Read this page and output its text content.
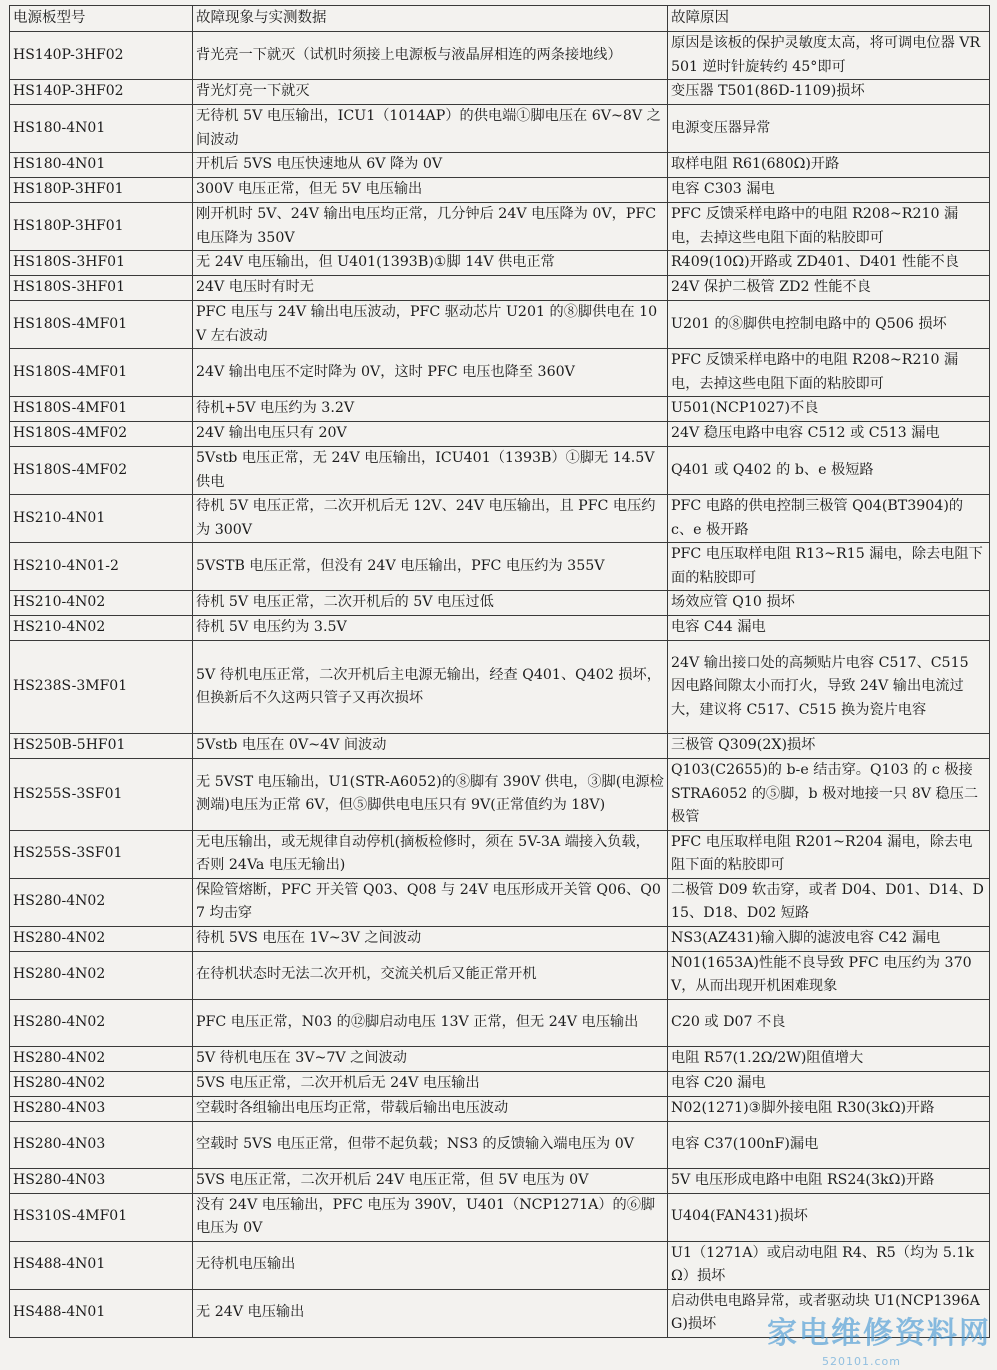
电源板型号	故障现象与实测数据	故障原因
HS140P-3HF02	背光亮一下就灭（试机时须接上电源板与液晶屏相连的两条接地线）	原因是该板的保护灵敏度太高，将可调电位器 VR501 逆时针旋转约 45°即可
HS140P-3HF02	背光灯亮一下就灭	变压器 T501(86D-1109)损坏
HS180-4N01	无待机 5V 电压输出，ICU1（1014AP）的供电端①脚电压在 6V~8V 之间波动	电源变压器异常
HS180-4N01	开机后 5VS 电压快速地从 6V 降为 0V	取样电阻 R61(680Ω)开路
HS180P-3HF01	300V 电压正常，但无 5V 电压输出	电容 C303 漏电
HS180P-3HF01	刚开机时 5V、24V 输出电压均正常，几分钟后 24V 电压降为 0V，PFC 电压降为 350V	PFC 反馈采样电路中的电阻 R208~R210 漏电，去掉这些电阻下面的粘胶即可
HS180S-3HF01	无 24V 电压输出，但 U401(1393B)①脚 14V 供电正常	R409(10Ω)开路或 ZD401、D401 性能不良
HS180S-3HF01	24V 电压时有时无	24V 保护二极管 ZD2 性能不良
HS180S-4MF01	PFC 电压与 24V 输出电压波动，PFC 驱动芯片 U201 的⑧脚供电在 10V 左右波动	U201 的⑧脚供电控制电路中的 Q506 损坏
HS180S-4MF01	24V 输出电压不定时降为 0V，这时 PFC 电压也降至 360V	PFC 反馈采样电路中的电阻 R208~R210 漏电，去掉这些电阻下面的粘胶即可
HS180S-4MF01	待机+5V 电压约为 3.2V	U501(NCP1027)不良
HS180S-4MF02	24V 输出电压只有 20V	24V 稳压电路中电容 C512 或 C513 漏电
HS180S-4MF02	5Vstb 电压正常，无 24V 电压输出，ICU401（1393B）①脚无 14.5V 供电	Q401 或 Q402 的 b、e 极短路
HS210-4N01	待机 5V 电压正常，二次开机后无 12V、24V 电压输出，且 PFC 电压约为 300V	PFC 电路的供电控制三极管 Q04(BT3904)的 c、e 极开路
HS210-4N01-2	5VSTB 电压正常，但没有 24V 电压输出，PFC 电压约为 355V	PFC 电压取样电阻 R13~R15 漏电，除去电阻下面的粘胶即可
HS210-4N02	待机 5V 电压正常，二次开机后的 5V 电压过低	场效应管 Q10 损坏
HS210-4N02	待机 5V 电压约为 3.5V	电容 C44 漏电
HS238S-3MF01	5V 待机电压正常，二次开机后主电源无输出，经查 Q401、Q402 损坏，但换新后不久这两只管子又再次损坏	24V 输出接口处的高频贴片电容 C517、C515 因电路间隙太小而打火，导致 24V 输出电流过大，建议将 C517、C515 换为瓷片电容
HS250B-5HF01	5Vstb 电压在 0V~4V 间波动	三极管 Q309(2X)损坏
HS255S-3SF01	无 5VST 电压输出，U1(STR-A6052)的⑧脚有 390V 供电，③脚(电源检测端)电压为正常 6V，但⑤脚供电电压只有 9V(正常值约为 18V)	Q103(C2655)的 b-e 结击穿。Q103 的 c 极接 STRA6052 的⑤脚，b 极对地接一只 8V 稳压二极管
HS255S-3SF01	无电压输出，或无规律自动停机(摘板检修时，须在 5V-3A 端接入负载，否则 24Va 电压无输出)	PFC 电压取样电阻 R201~R204 漏电，除去电阻下面的粘胶即可
HS280-4N02	保险管熔断，PFC 开关管 Q03、Q08 与 24V 电压形成开关管 Q06、Q07 均击穿	二极管 D09 软击穿，或者 D04、D01、D14、D15、D18、D02 短路
HS280-4N02	待机 5VS 电压在 1V~3V 之间波动	NS3(AZ431)输入脚的滤波电容 C42 漏电
HS280-4N02	在待机状态时无法二次开机，交流关机后又能正常开机	N01(1653A)性能不良导致 PFC 电压约为 370V，从而出现开机困难现象
HS280-4N02	PFC 电压正常，N03 的⑫脚启动电压 13V 正常，但无 24V 电压输出	C20 或 D07 不良
HS280-4N02	5V 待机电压在 3V~7V 之间波动	电阻 R57(1.2Ω/2W)阻值增大
HS280-4N02	5VS 电压正常，二次开机后无 24V 电压输出	电容 C20 漏电
HS280-4N03	空载时各组输出电压均正常，带载后输出电压波动	N02(1271)③脚外接电阻 R30(3kΩ)开路
HS280-4N03	空载时 5VS 电压正常，但带不起负载；NS3 的反馈输入端电压为 0V	电容 C37(100nF)漏电
HS280-4N03	5VS 电压正常，二次开机后 24V 电压正常，但 5V 电压为 0V	5V 电压形成电路中电阻 RS24(3kΩ)开路
HS310S-4MF01	没有 24V 电压输出，PFC 电压为 390V，U401（NCP1271A）的⑥脚电压为 0V	U404(FAN431)损坏
HS488-4N01	无待机电压输出	U1（1271A）或启动电阻 R4、R5（均为 5.1kΩ）损坏
HS488-4N01	无 24V 电压输出	启动供电电路异常，或者驱动块 U1(NCP1396AG)损坏 家电维修资料网
520101.com
